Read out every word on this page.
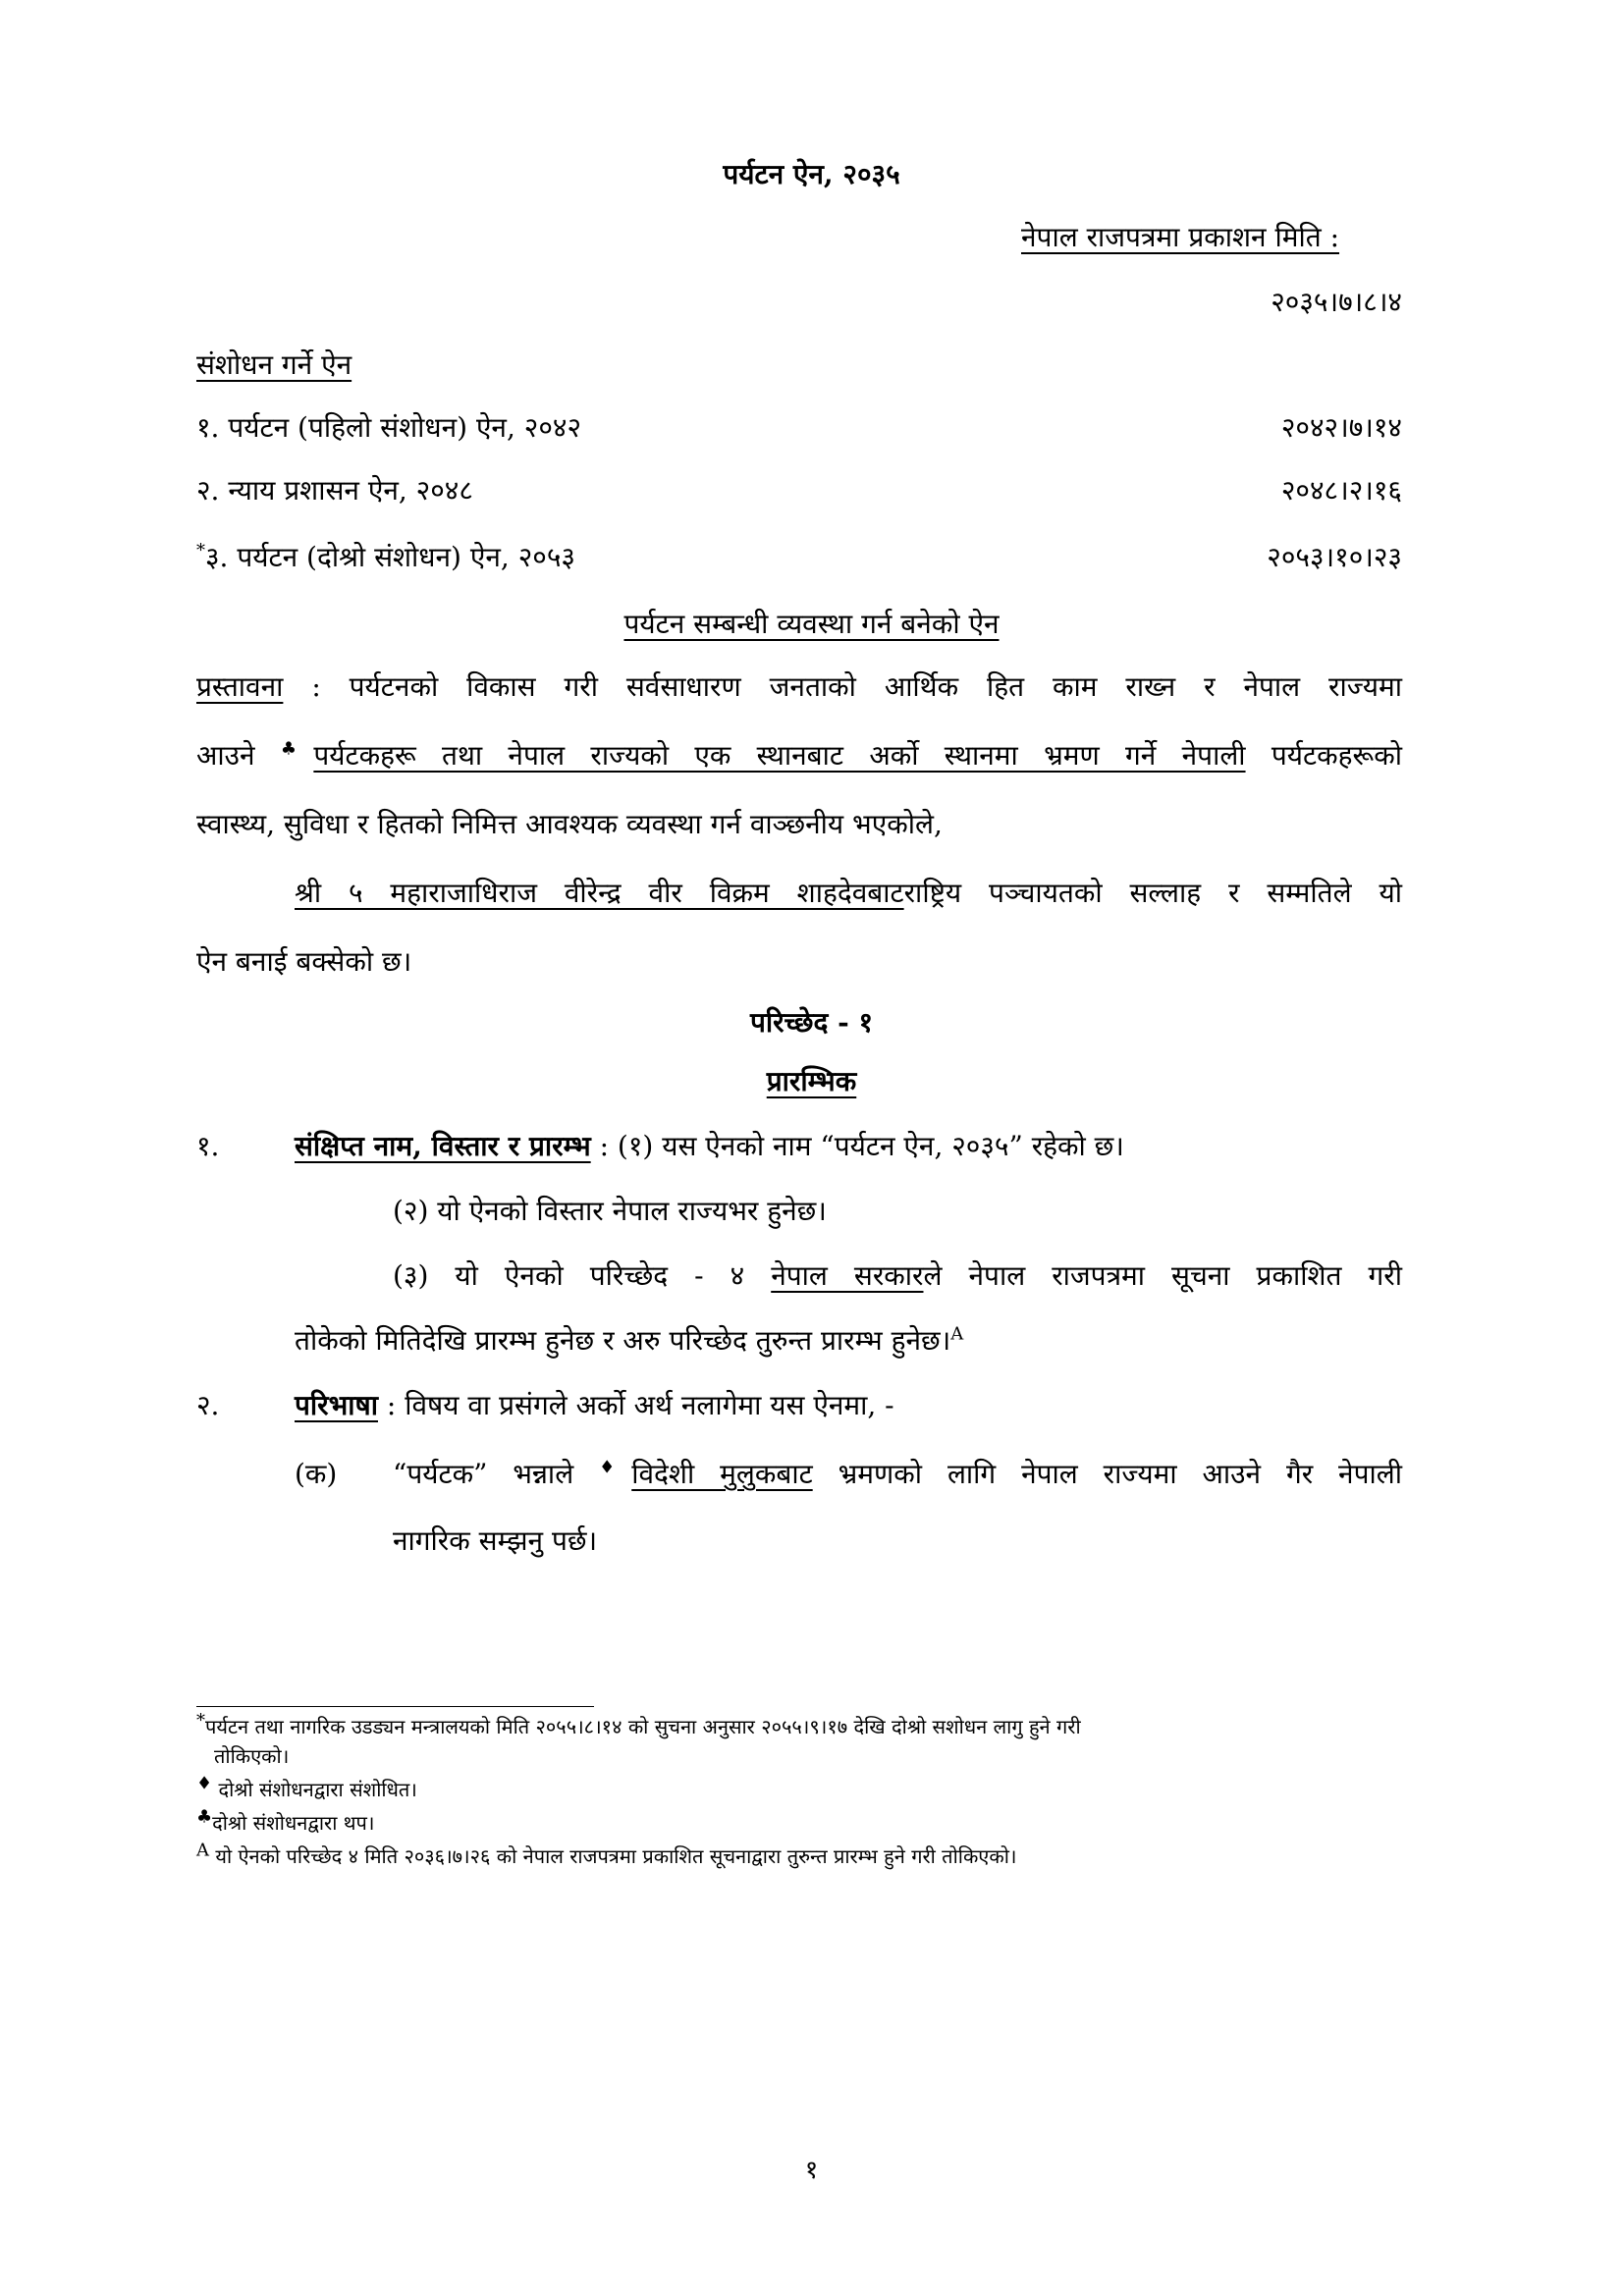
पर्यटन ऐन, २०३५

नेपाल राजपत्रमा प्रकाशन मिति :

२०३५।७।८।४

संशोधन गर्ने ऐन

१. पर्यटन (पहिलो संशोधन) ऐन, २०४२	२०४२।७।१४

२. न्याय प्रशासन ऐन, २०४८	२०४८।२।१६

*३. पर्यटन (दोश्रो संशोधन) ऐन, २०५३	२०५३।१०।२३

पर्यटन सम्बन्धी व्यवस्था गर्न बनेको ऐन

प्रस्तावना : पर्यटनको विकास गरी सर्वसाधारण जनताको आर्थिक हित काम राख्न र नेपाल राज्यमा

आउने ♣पर्यटकहरू तथा नेपाल राज्यको एक स्थानबाट अर्को स्थानमा भ्रमण गर्ने नेपाली पर्यटकहरूको

स्वास्थ्य, सुविधा र हितको निमित्त आवश्यक व्यवस्था गर्न वाञ्छनीय भएकोले,

श्री ५ महाराजाधिराज वीरेन्द्र वीर विक्रम शाहदेवबाटराष्ट्रिय पञ्चायतको सल्लाह र सम्मतिले यो

ऐन बनाई बक्सेको छ।

परिच्छेद - १

प्रारम्भिक

१.	संक्षिप्त नाम, विस्तार र प्रारम्भ : (१) यस ऐनको नाम “पर्यटन ऐन, २०३५” रहेको छ।

(२) यो ऐनको विस्तार नेपाल राज्यभर हुनेछ।

(३) यो ऐनको परिच्छेद - ४ नेपाल सरकारले नेपाल राजपत्रमा सूचना प्रकाशित गरी

तोकेको मितिदेखि प्रारम्भ हुनेछ र अरु परिच्छेद तुरुन्त प्रारम्भ हुनेछ।$^A$

२.	परिभाषा : विषय वा प्रसंगले अर्को अर्थ नलागेमा यस ऐनमा, -

(क) “पर्यटक” भन्नाले ♦विदेशी मुलुकबाट भ्रमणको लागि नेपाल राज्यमा आउने गैर नेपाली

नागरिक सम्झनु पर्छ।

*पर्यटन तथा नागरिक उडड्यन मन्त्रालयको मिति २०५५।८।१४ को सुचना अनुसार २०५५।९।१७ देखि दोश्रो सशोधन लागु हुने गरी

तोकिएको।

♦ दोश्रो संशोधनद्वारा संशोधित।

♣दोश्रो संशोधनद्वारा थप।

$^A$ यो ऐनको परिच्छेद ४ मिति २०३६।७।२६ को नेपाल राजपत्रमा प्रकाशित सूचनाद्वारा तुरुन्त प्रारम्भ हुने गरी तोकिएको।

१
